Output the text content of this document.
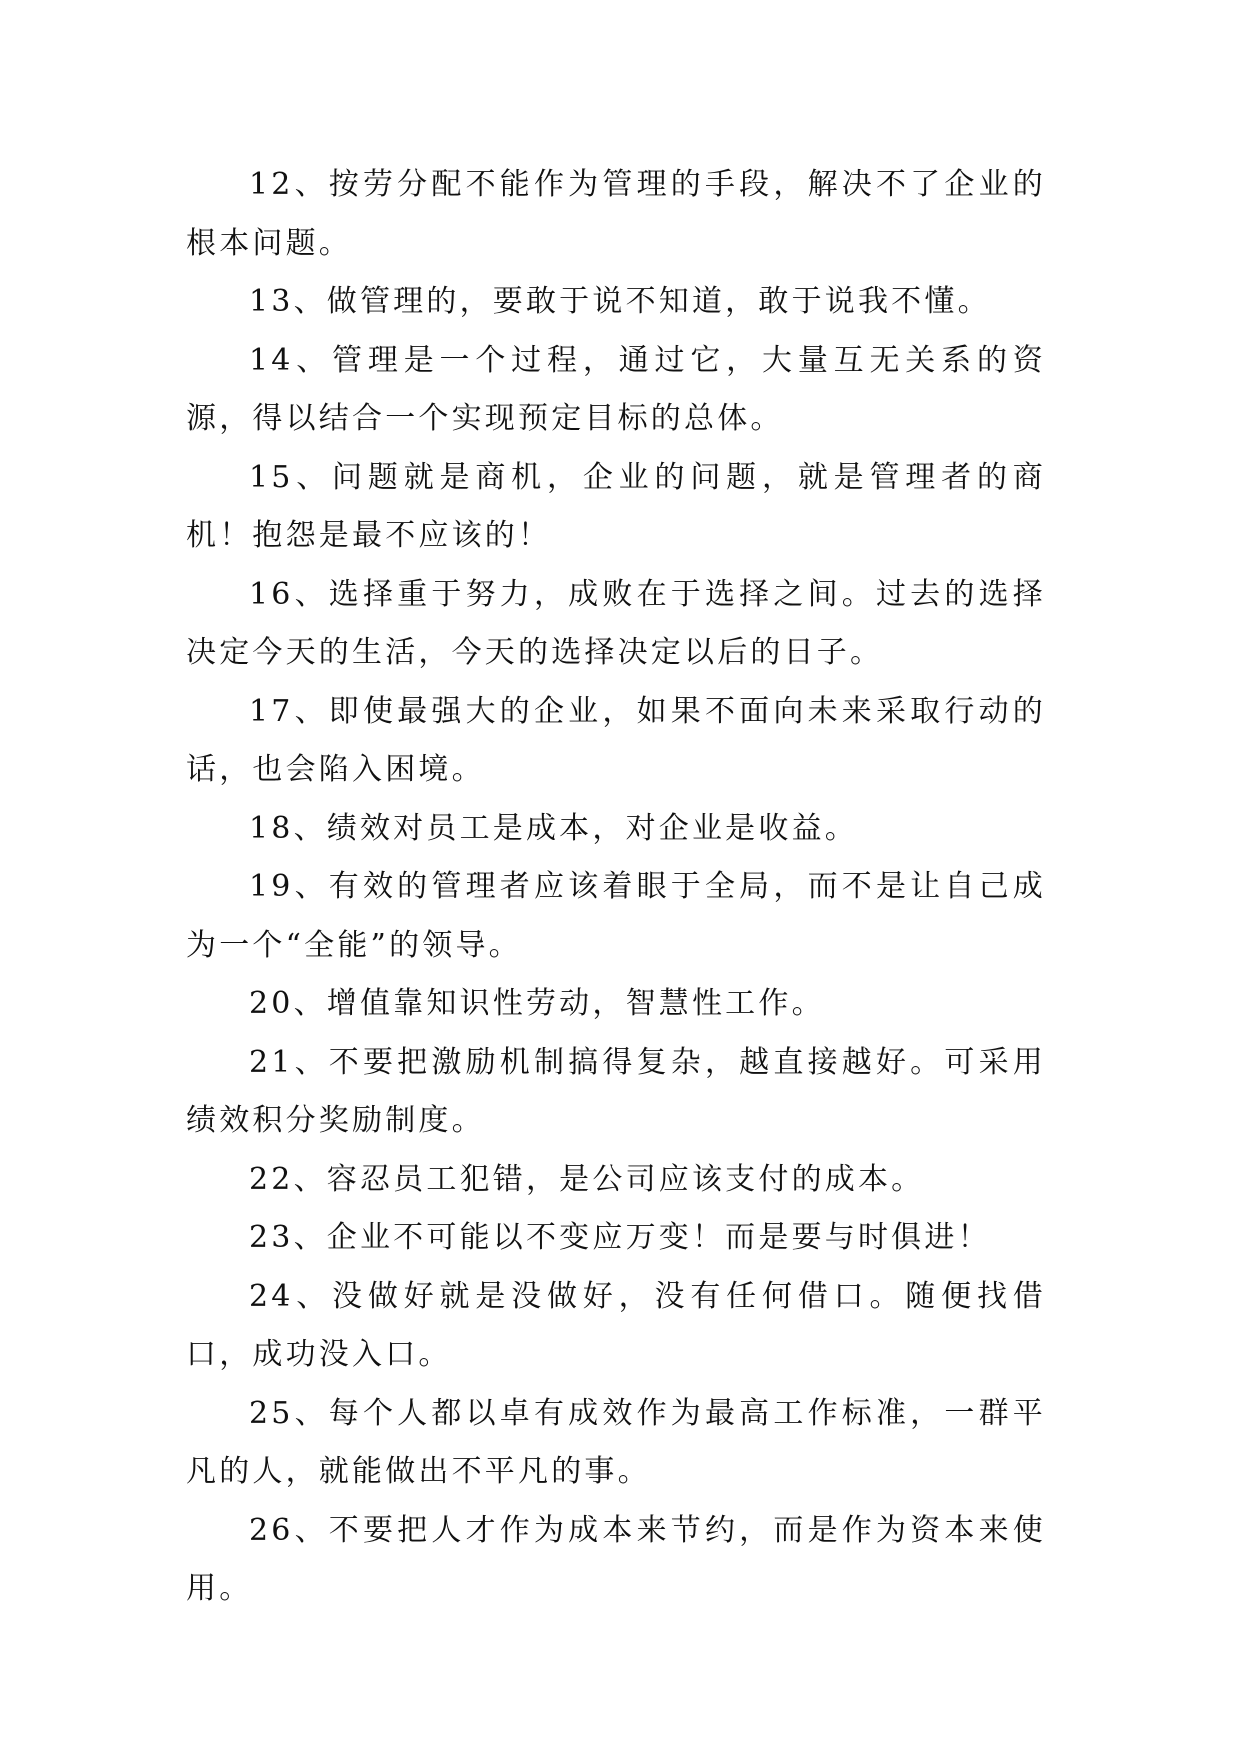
12、按劳分配不能作为管理的手段，解决不了企业的根本问题。

13、做管理的，要敢于说不知道，敢于说我不懂。

14、管理是一个过程，通过它，大量互无关系的资源，得以结合一个实现预定目标的总体。

15、问题就是商机，企业的问题，就是管理者的商机！抱怨是最不应该的！

16、选择重于努力，成败在于选择之间。过去的选择决定今天的生活，今天的选择决定以后的日子。

17、即使最强大的企业，如果不面向未来采取行动的话，也会陷入困境。

18、绩效对员工是成本，对企业是收益。

19、有效的管理者应该着眼于全局，而不是让自己成为一个“全能”的领导。

20、增值靠知识性劳动，智慧性工作。

21、不要把激励机制搞得复杂，越直接越好。可采用绩效积分奖励制度。

22、容忍员工犯错，是公司应该支付的成本。

23、企业不可能以不变应万变！而是要与时俱进！

24、没做好就是没做好，没有任何借口。随便找借口，成功没入口。

25、每个人都以卓有成效作为最高工作标准，一群平凡的人，就能做出不平凡的事。

26、不要把人才作为成本来节约，而是作为资本来使用。
